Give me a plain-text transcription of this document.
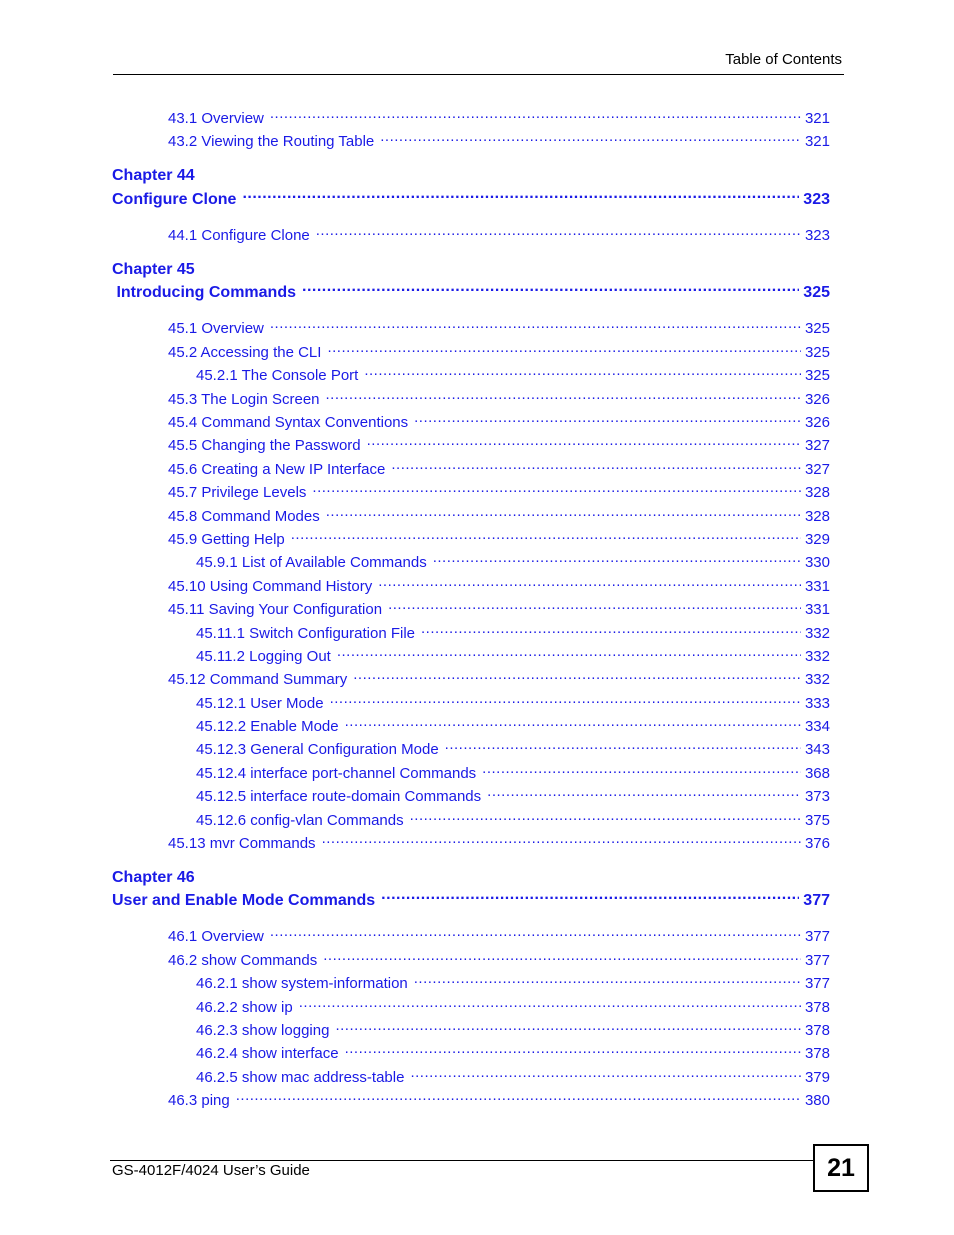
Table of Contents
43.1 Overview .....	321
43.2 Viewing the Routing Table .....	321
Chapter 44
Configure Clone .....	323
44.1 Configure Clone .....	323
Chapter 45
Introducing Commands .....	325
45.1 Overview .....	325
45.2 Accessing the CLI .....	325
45.2.1 The Console Port .....	325
45.3 The Login Screen .....	326
45.4 Command Syntax Conventions .....	326
45.5 Changing the Password .....	327
45.6 Creating a New IP Interface .....	327
45.7 Privilege Levels .....	328
45.8 Command Modes .....	328
45.9 Getting Help .....	329
45.9.1 List of Available Commands .....	330
45.10 Using Command History .....	331
45.11 Saving Your Configuration .....	331
45.11.1 Switch Configuration File .....	332
45.11.2 Logging Out .....	332
45.12 Command Summary .....	332
45.12.1 User Mode .....	333
45.12.2 Enable Mode .....	334
45.12.3 General Configuration Mode .....	343
45.12.4 interface port-channel Commands .....	368
45.12.5 interface route-domain Commands .....	373
45.12.6 config-vlan Commands .....	375
45.13 mvr Commands .....	376
Chapter 46
User and Enable Mode Commands .....	377
46.1 Overview .....	377
46.2 show Commands .....	377
46.2.1 show system-information .....	377
46.2.2 show ip .....	378
46.2.3 show logging .....	378
46.2.4 show interface .....	378
46.2.5 show mac address-table .....	379
46.3 ping .....	380
GS-4012F/4024 User’s Guide	21
